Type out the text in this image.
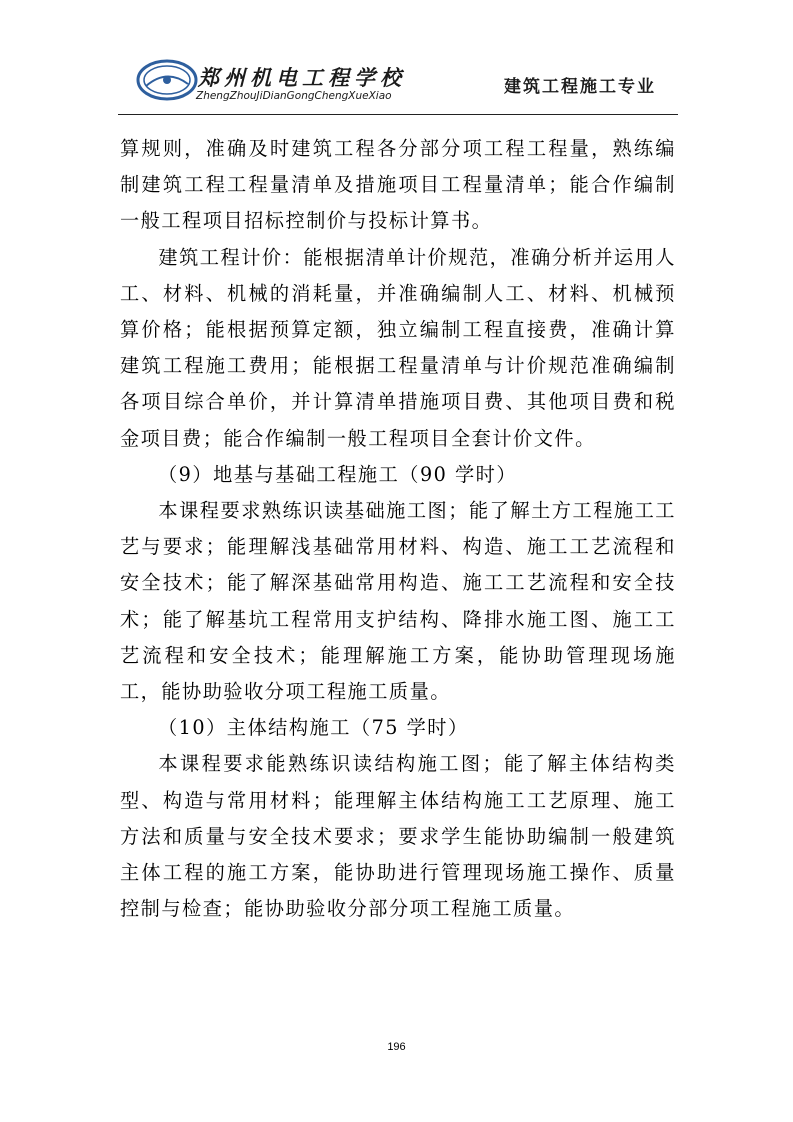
郑州机电工程学校
ZhengZhouJiDianGongChengXueXiao	建筑工程施工专业

算规则，准确及时建筑工程各分部分项工程工程量，熟练编制建筑工程工程量清单及措施项目工程量清单；能合作编制一般工程项目招标控制价与投标计算书。

建筑工程计价：能根据清单计价规范，准确分析并运用人工、材料、机械的消耗量，并准确编制人工、材料、机械预算价格；能根据预算定额，独立编制工程直接费，准确计算建筑工程施工费用；能根据工程量清单与计价规范准确编制各项目综合单价，并计算清单措施项目费、其他项目费和税金项目费；能合作编制一般工程项目全套计价文件。

（9）地基与基础工程施工（90 学时）

本课程要求熟练识读基础施工图；能了解土方工程施工工艺与要求；能理解浅基础常用材料、构造、施工工艺流程和安全技术；能了解深基础常用构造、施工工艺流程和安全技术；能了解基坑工程常用支护结构、降排水施工图、施工工艺流程和安全技术；能理解施工方案，能协助管理现场施工，能协助验收分项工程施工质量。

（10）主体结构施工（75 学时）

本课程要求能熟练识读结构施工图；能了解主体结构类型、构造与常用材料；能理解主体结构施工工艺原理、施工方法和质量与安全技术要求；要求学生能协助编制一般建筑主体工程的施工方案，能协助进行管理现场施工操作、质量控制与检查；能协助验收分部分项工程施工质量。

196
